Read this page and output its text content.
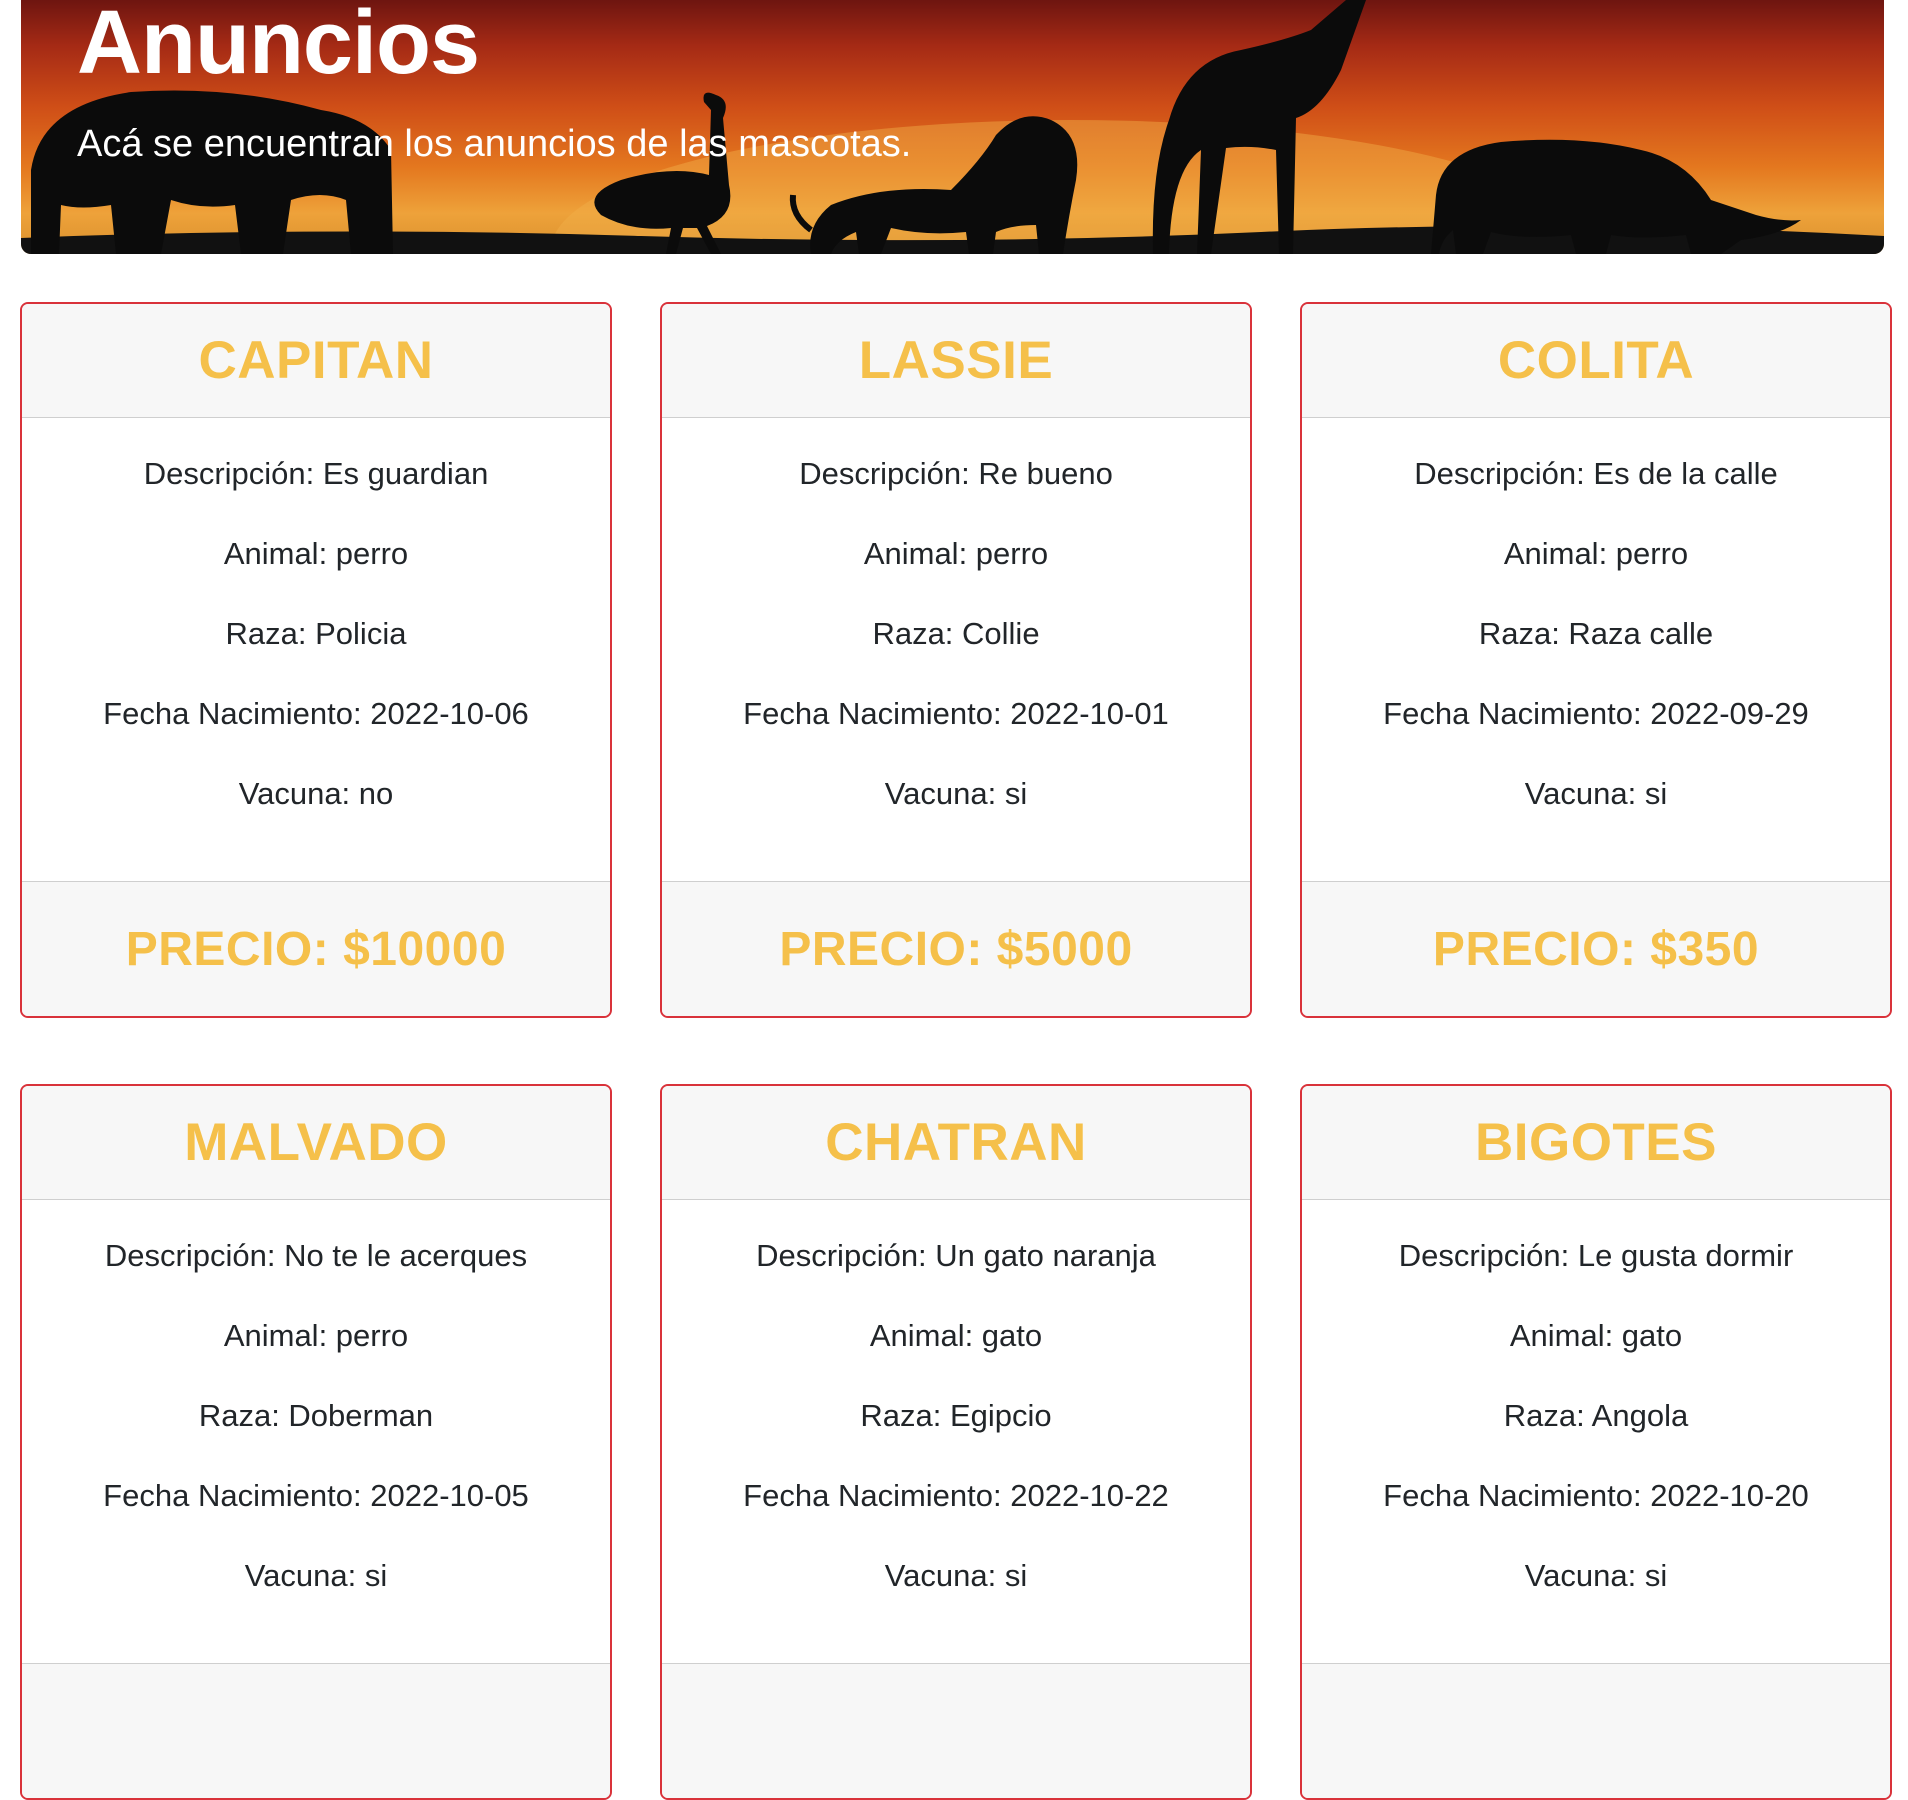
Anuncios

Acá se encuentran los anuncios de las mascotas.

CAPITAN

Descripción: Es guardian

Animal: perro

Raza: Policia

Fecha Nacimiento: 2022-10-06

Vacuna: no

PRECIO: $10000
LASSIE

Descripción: Re bueno

Animal: perro

Raza: Collie

Fecha Nacimiento: 2022-10-01

Vacuna: si

PRECIO: $5000
COLITA

Descripción: Es de la calle

Animal: perro

Raza: Raza calle

Fecha Nacimiento: 2022-09-29

Vacuna: si

PRECIO: $350
MALVADO

Descripción: No te le acerques

Animal: perro

Raza: Doberman

Fecha Nacimiento: 2022-10-05

Vacuna: si

CHATRAN

Descripción: Un gato naranja

Animal: gato

Raza: Egipcio

Fecha Nacimiento: 2022-10-22

Vacuna: si

BIGOTES

Descripción: Le gusta dormir

Animal: gato

Raza: Angola

Fecha Nacimiento: 2022-10-20

Vacuna: si
